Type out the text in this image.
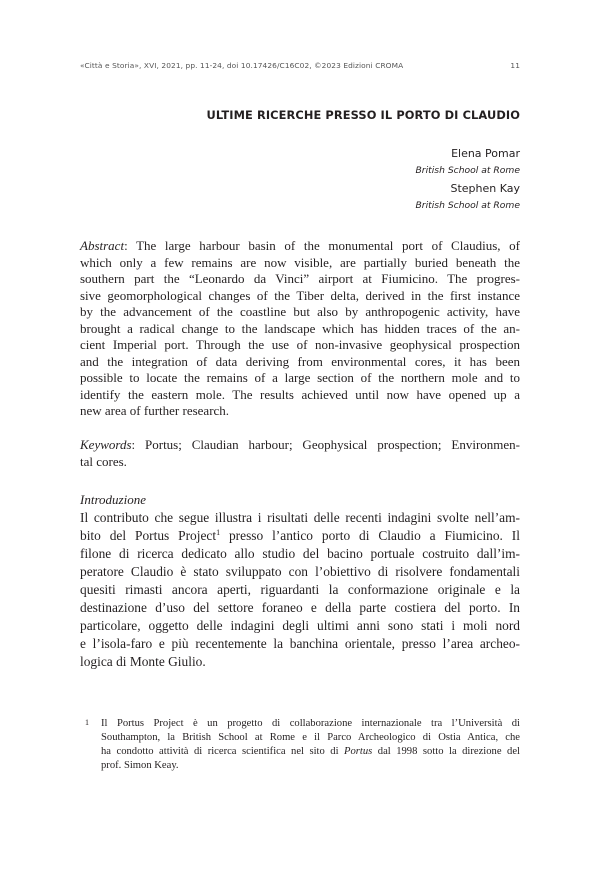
«Città e Storia», XVI, 2021, pp. 11-24, doi 10.17426/C16C02, ©2023 Edizioni CROMA	11
ULTIME RICERCHE PRESSO IL PORTO DI CLAUDIO
Elena Pomar
British School at Rome
Stephen Kay
British School at Rome
Abstract: The large harbour basin of the monumental port of Claudius, of
which only a few remains are now visible, are partially buried beneath the
southern part the “Leonardo da Vinci” airport at Fiumicino. The progres-
sive geomorphological changes of the Tiber delta, derived in the first instance
by the advancement of the coastline but also by anthropogenic activity, have
brought a radical change to the landscape which has hidden traces of the an-
cient Imperial port. Through the use of non-invasive geophysical prospection
and the integration of data deriving from environmental cores, it has been
possible to locate the remains of a large section of the northern mole and to
identify the eastern mole. The results achieved until now have opened up a
new area of further research.
Keywords: Portus; Claudian harbour; Geophysical prospection; Environmen-
tal cores.
Introduzione
Il contributo che segue illustra i risultati delle recenti indagini svolte nell’am-
bito del Portus Project$^1$ presso l’antico porto di Claudio a Fiumicino. Il
filone di ricerca dedicato allo studio del bacino portuale costruito dall’im-
peratore Claudio è stato sviluppato con l’obiettivo di risolvere fondamentali
quesiti rimasti ancora aperti, riguardanti la conformazione originale e la
destinazione d’uso del settore foraneo e della parte costiera del porto. In
particolare, oggetto delle indagini degli ultimi anni sono stati i moli nord
e l’isola-faro e più recentemente la banchina orientale, presso l’area archeo-
logica di Monte Giulio.
1	Il Portus Project è un progetto di collaborazione internazionale tra l’Università di
Southampton, la British School at Rome e il Parco Archeologico di Ostia Antica, che
ha condotto attività di ricerca scientifica nel sito di Portus dal 1998 sotto la direzione del
prof. Simon Keay.
